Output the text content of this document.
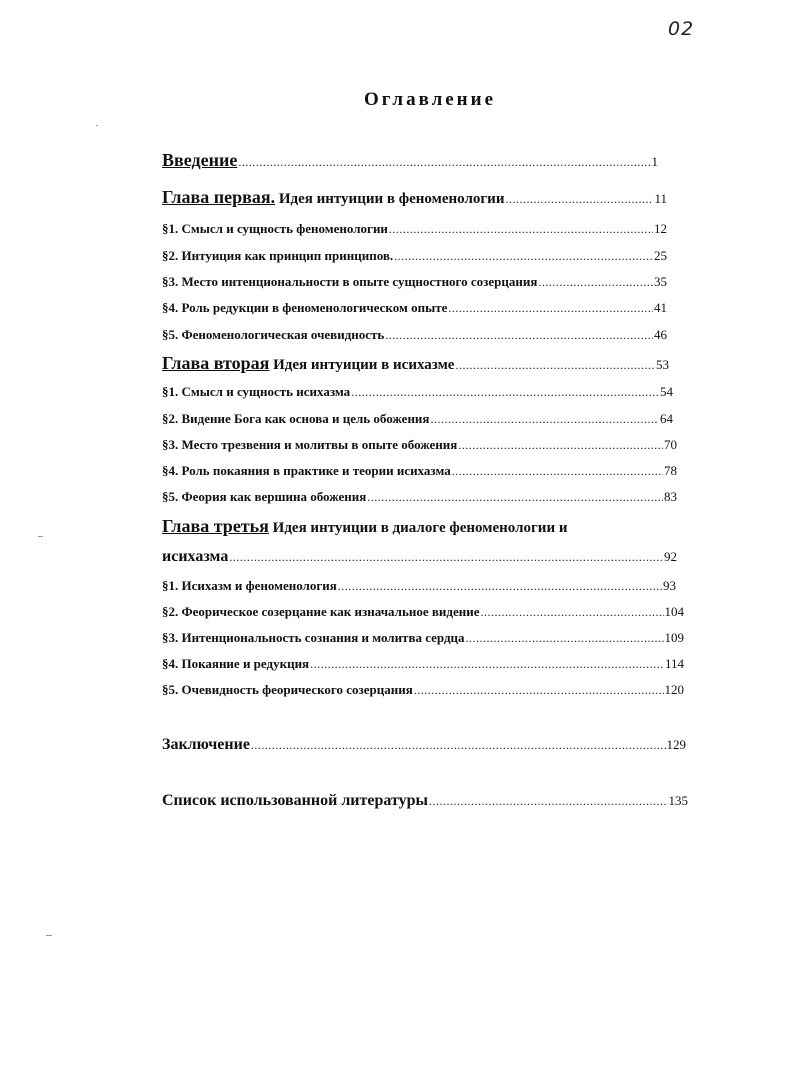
02
Оглавление
Введение .....	1
Глава первая.
Идея интуиции в феноменологии .....	11
§1. Смысл и сущность феноменологии .....	12
§2. Интуиция как принцип принципов. .....	25
§3. Место интенциональности в опыте сущностного созерцания .....	35
§4. Роль редукции в феноменологическом опыте .....	41
§5. Феноменологическая очевидность .....	46
Глава вторая
Идея интуиции в исихазме .....	53
§1. Смысл и сущность исихазма .....	54
§2. Видение Бога как основа и цель обожения .....	64
§3. Место трезвения и молитвы в опыте обожения .....	70
§4. Роль покаяния в практике и теории исихазма .....	78
§5. Феория как вершина обожения .....	83
Глава третья
Идея интуиции в диалоге феноменологии и
исихазма .....	92
§1. Исихазм и феноменология .....	93
§2. Феорическое созерцание как изначальное видение .....	104
§3. Интенциональность сознания и молитва сердца .....	109
§4. Покаяние и редукция .....	114
§5. Очевидность феорического созерцания .....	120
Заключение .....	129
Список использованной литературы .....	135
